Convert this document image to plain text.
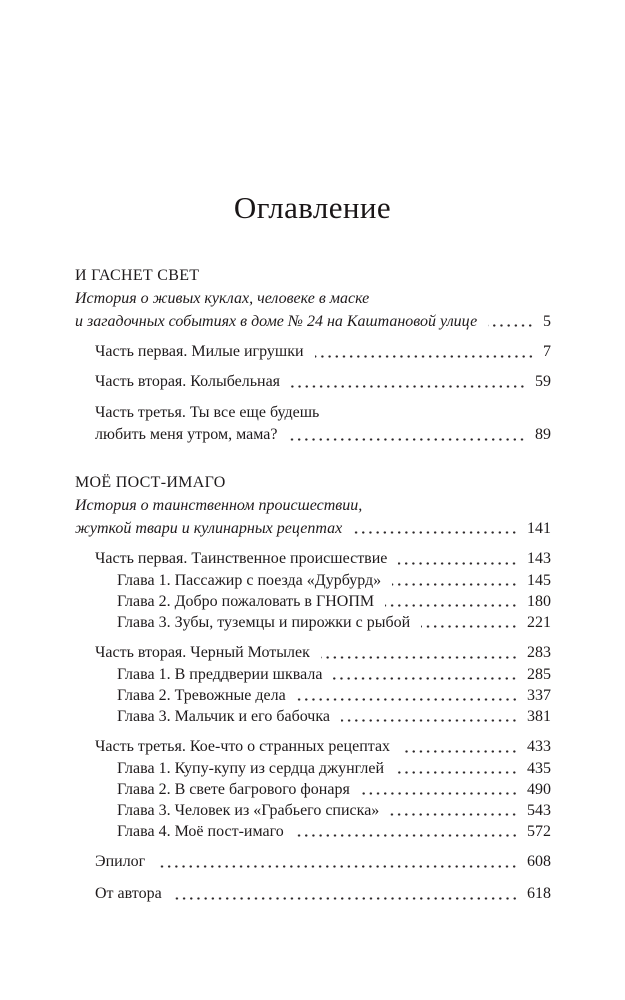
Оглавление
И ГАСНЕТ СВЕТ
История о живых куклах, человеке в маске
и загадочных событиях в доме № 24 на Каштановой улице	5
Часть первая. Милые игрушки	7
Часть вторая. Колыбельная	59
Часть третья. Ты все еще будешь
любить меня утром, мама?	89
МОЁ ПОСТ-ИМАГО
История о таинственном происшествии,
жуткой твари и кулинарных рецептах	141
Часть первая. Таинственное происшествие	143
Глава 1. Пассажир с поезда «Дурбурд»	145
Глава 2. Добро пожаловать в ГНОПМ	180
Глава 3. Зубы, туземцы и пирожки с рыбой	221
Часть вторая. Черный Мотылек	283
Глава 1. В преддверии шквала	285
Глава 2. Тревожные дела	337
Глава 3. Мальчик и его бабочка	381
Часть третья. Кое-что о странных рецептах	433
Глава 1. Купу-купу из сердца джунглей	435
Глава 2. В свете багрового фонаря	490
Глава 3. Человек из «Грабьего списка»	543
Глава 4. Моё пост-имаго	572
Эпилог	608
От автора	618
